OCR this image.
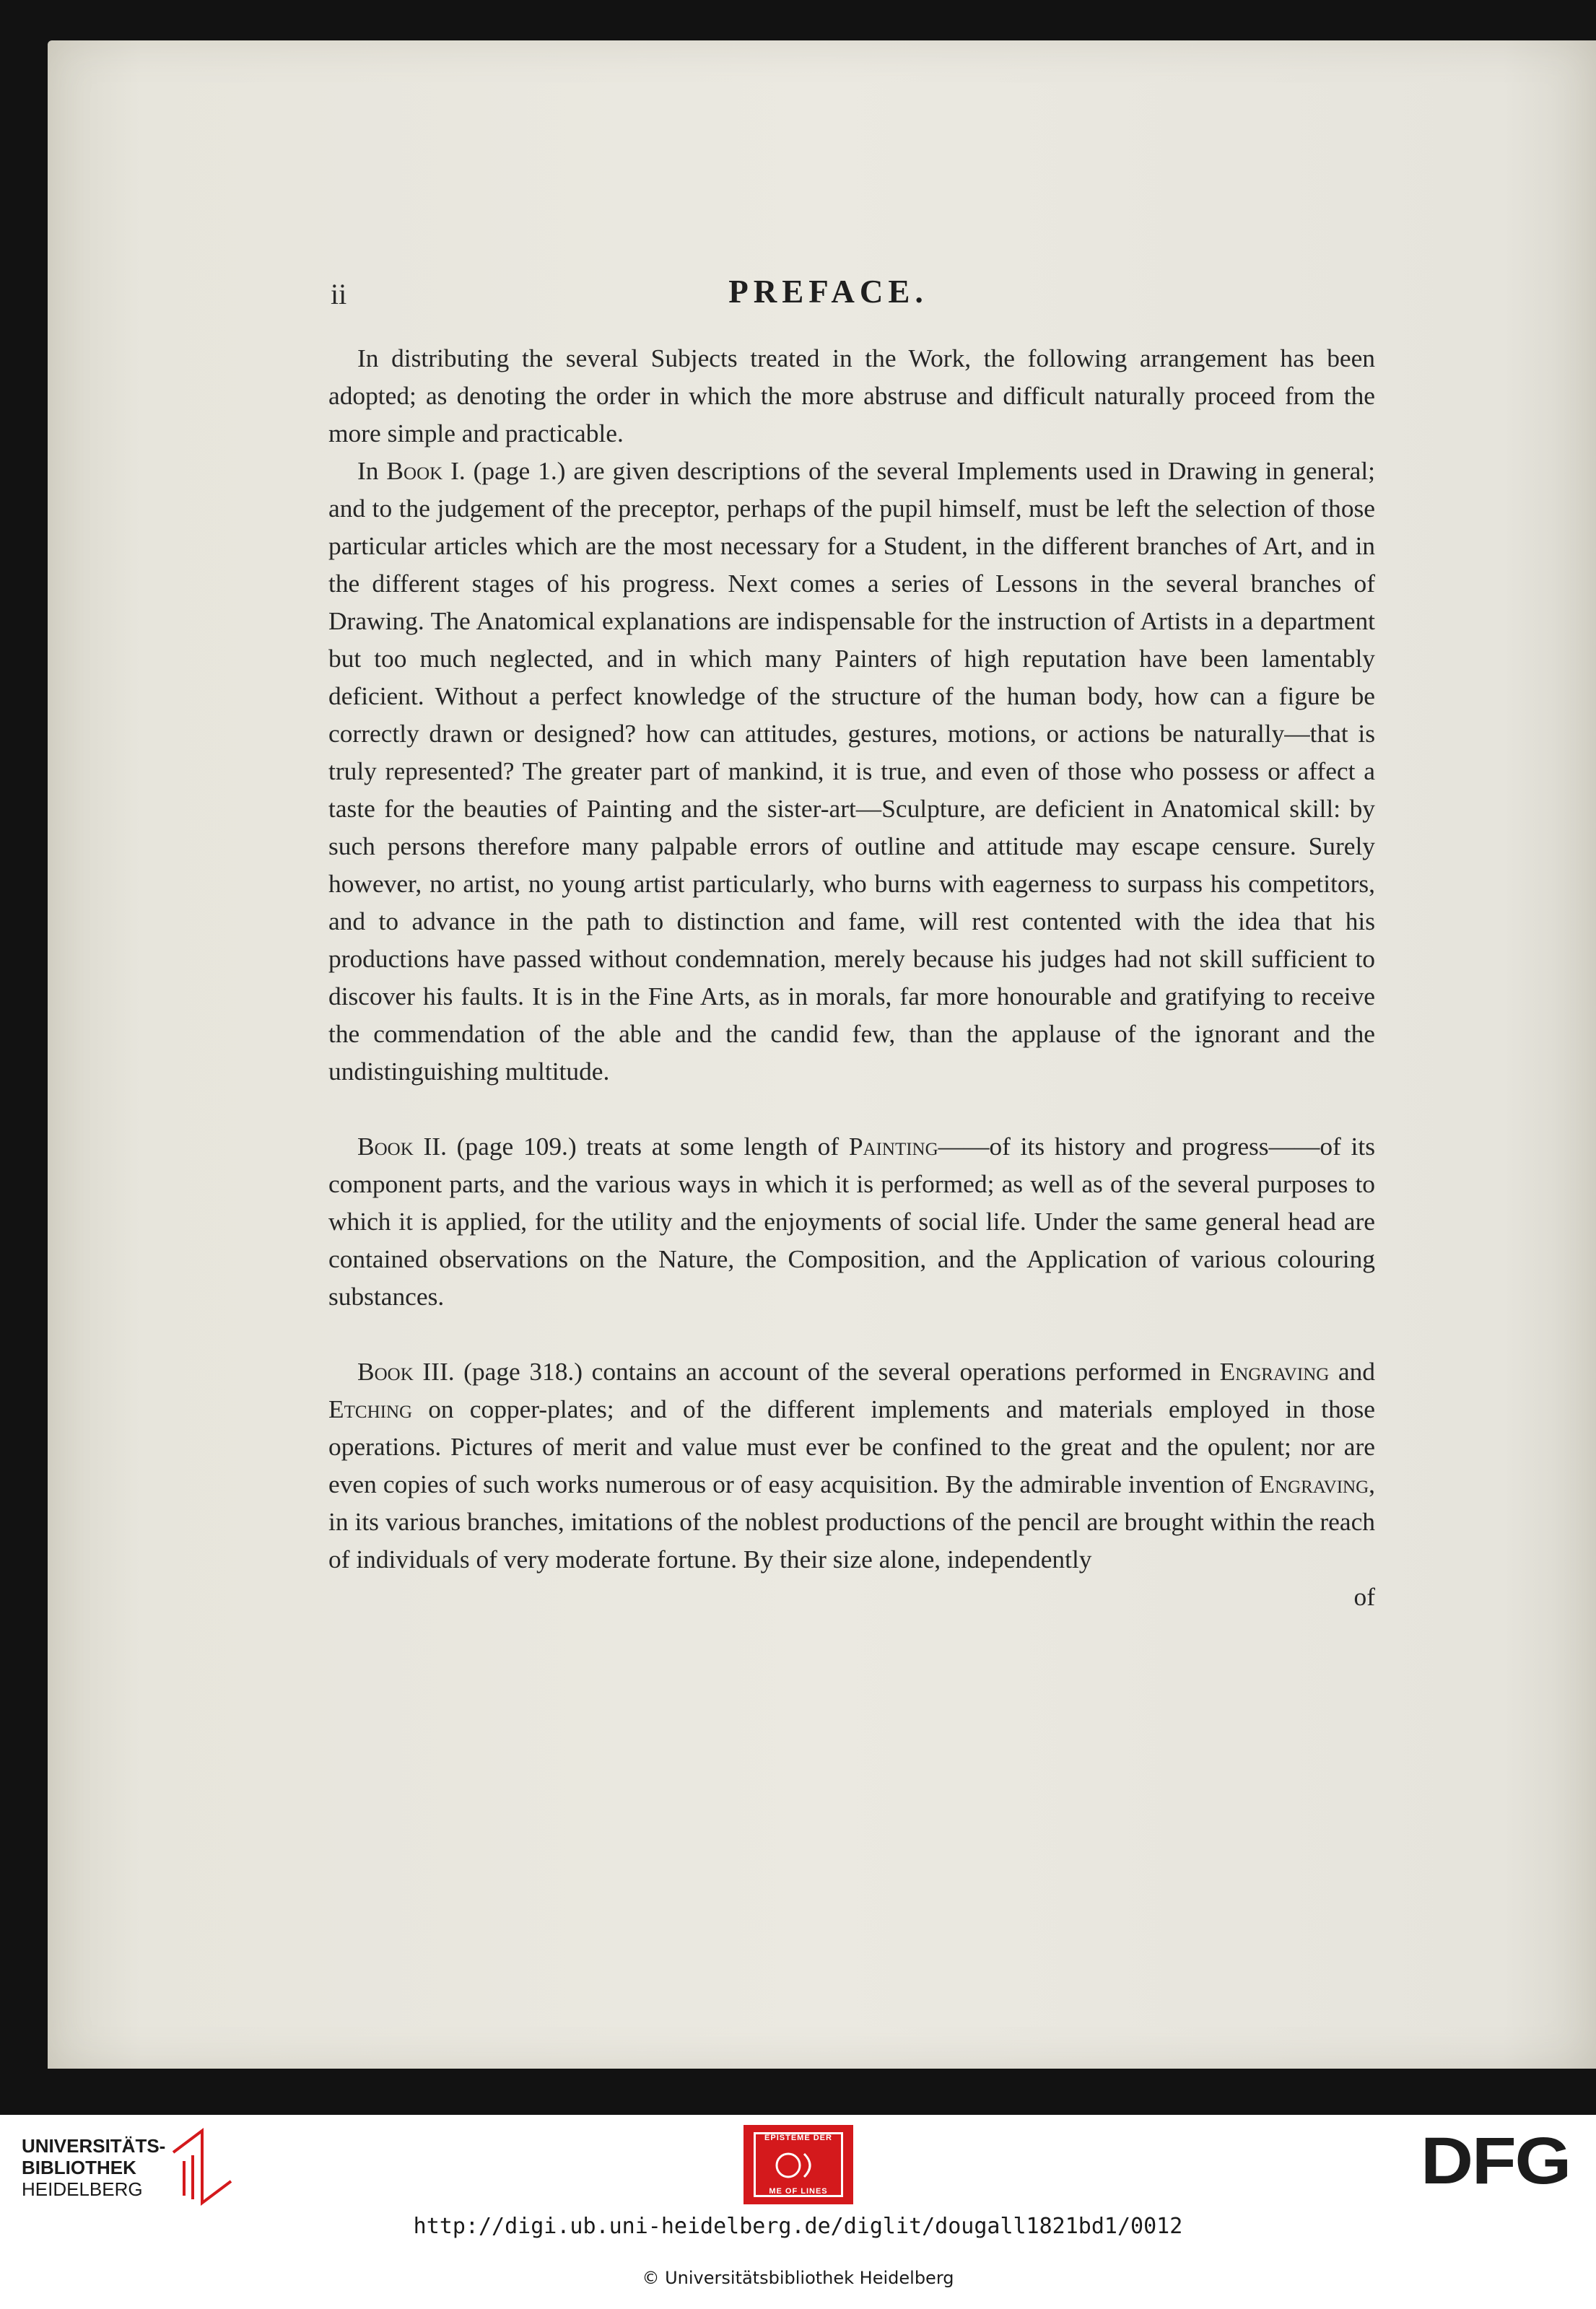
ii	PREFACE.

In distributing the several Subjects treated in the Work, the following arrangement has been adopted; as denoting the order in which the more abstruse and difficult naturally proceed from the more simple and practicable.

In Book I. (page 1.) are given descriptions of the several Implements used in Drawing in general; and to the judgement of the preceptor, perhaps of the pupil himself, must be left the selection of those particular articles which are the most necessary for a Student, in the different branches of Art, and in the different stages of his progress. Next comes a series of Lessons in the several branches of Drawing. The Anatomical explanations are indispensable for the instruction of Artists in a department but too much neglected, and in which many Painters of high reputation have been lamentably deficient. Without a perfect knowledge of the structure of the human body, how can a figure be correctly drawn or designed? how can attitudes, gestures, motions, or actions be naturally—that is truly represented? The greater part of mankind, it is true, and even of those who possess or affect a taste for the beauties of Painting and the sister-art—Sculpture, are deficient in Anatomical skill: by such persons therefore many palpable errors of outline and attitude may escape censure. Surely however, no artist, no young artist particularly, who burns with eagerness to surpass his competitors, and to advance in the path to distinction and fame, will rest contented with the idea that his productions have passed without condemnation, merely because his judges had not skill sufficient to discover his faults. It is in the Fine Arts, as in morals, far more honourable and gratifying to receive the commendation of the able and the candid few, than the applause of the ignorant and the undistinguishing multitude.

Book II. (page 109.) treats at some length of Painting——of its history and progress——of its component parts, and the various ways in which it is performed; as well as of the several purposes to which it is applied, for the utility and the enjoyments of social life. Under the same general head are contained observations on the Nature, the Composition, and the Application of various colouring substances.

Book III. (page 318.) contains an account of the several operations performed in Engraving and Etching on copper-plates; and of the different implements and materials employed in those operations. Pictures of merit and value must ever be confined to the great and the opulent; nor are even copies of such works numerous or of easy acquisition. By the admirable invention of Engraving, in its various branches, imitations of the noblest productions of the pencil are brought within the reach of individuals of very moderate fortune. By their size alone, independently

of

UNIVERSITÄTS-
BIBLIOTHEK
HEIDELBERG
EPISTEME DER
ME OF LINES	DFG
http://digi.ub.uni-heidelberg.de/diglit/dougall1821bd1/0012
© Universitätsbibliothek Heidelberg
